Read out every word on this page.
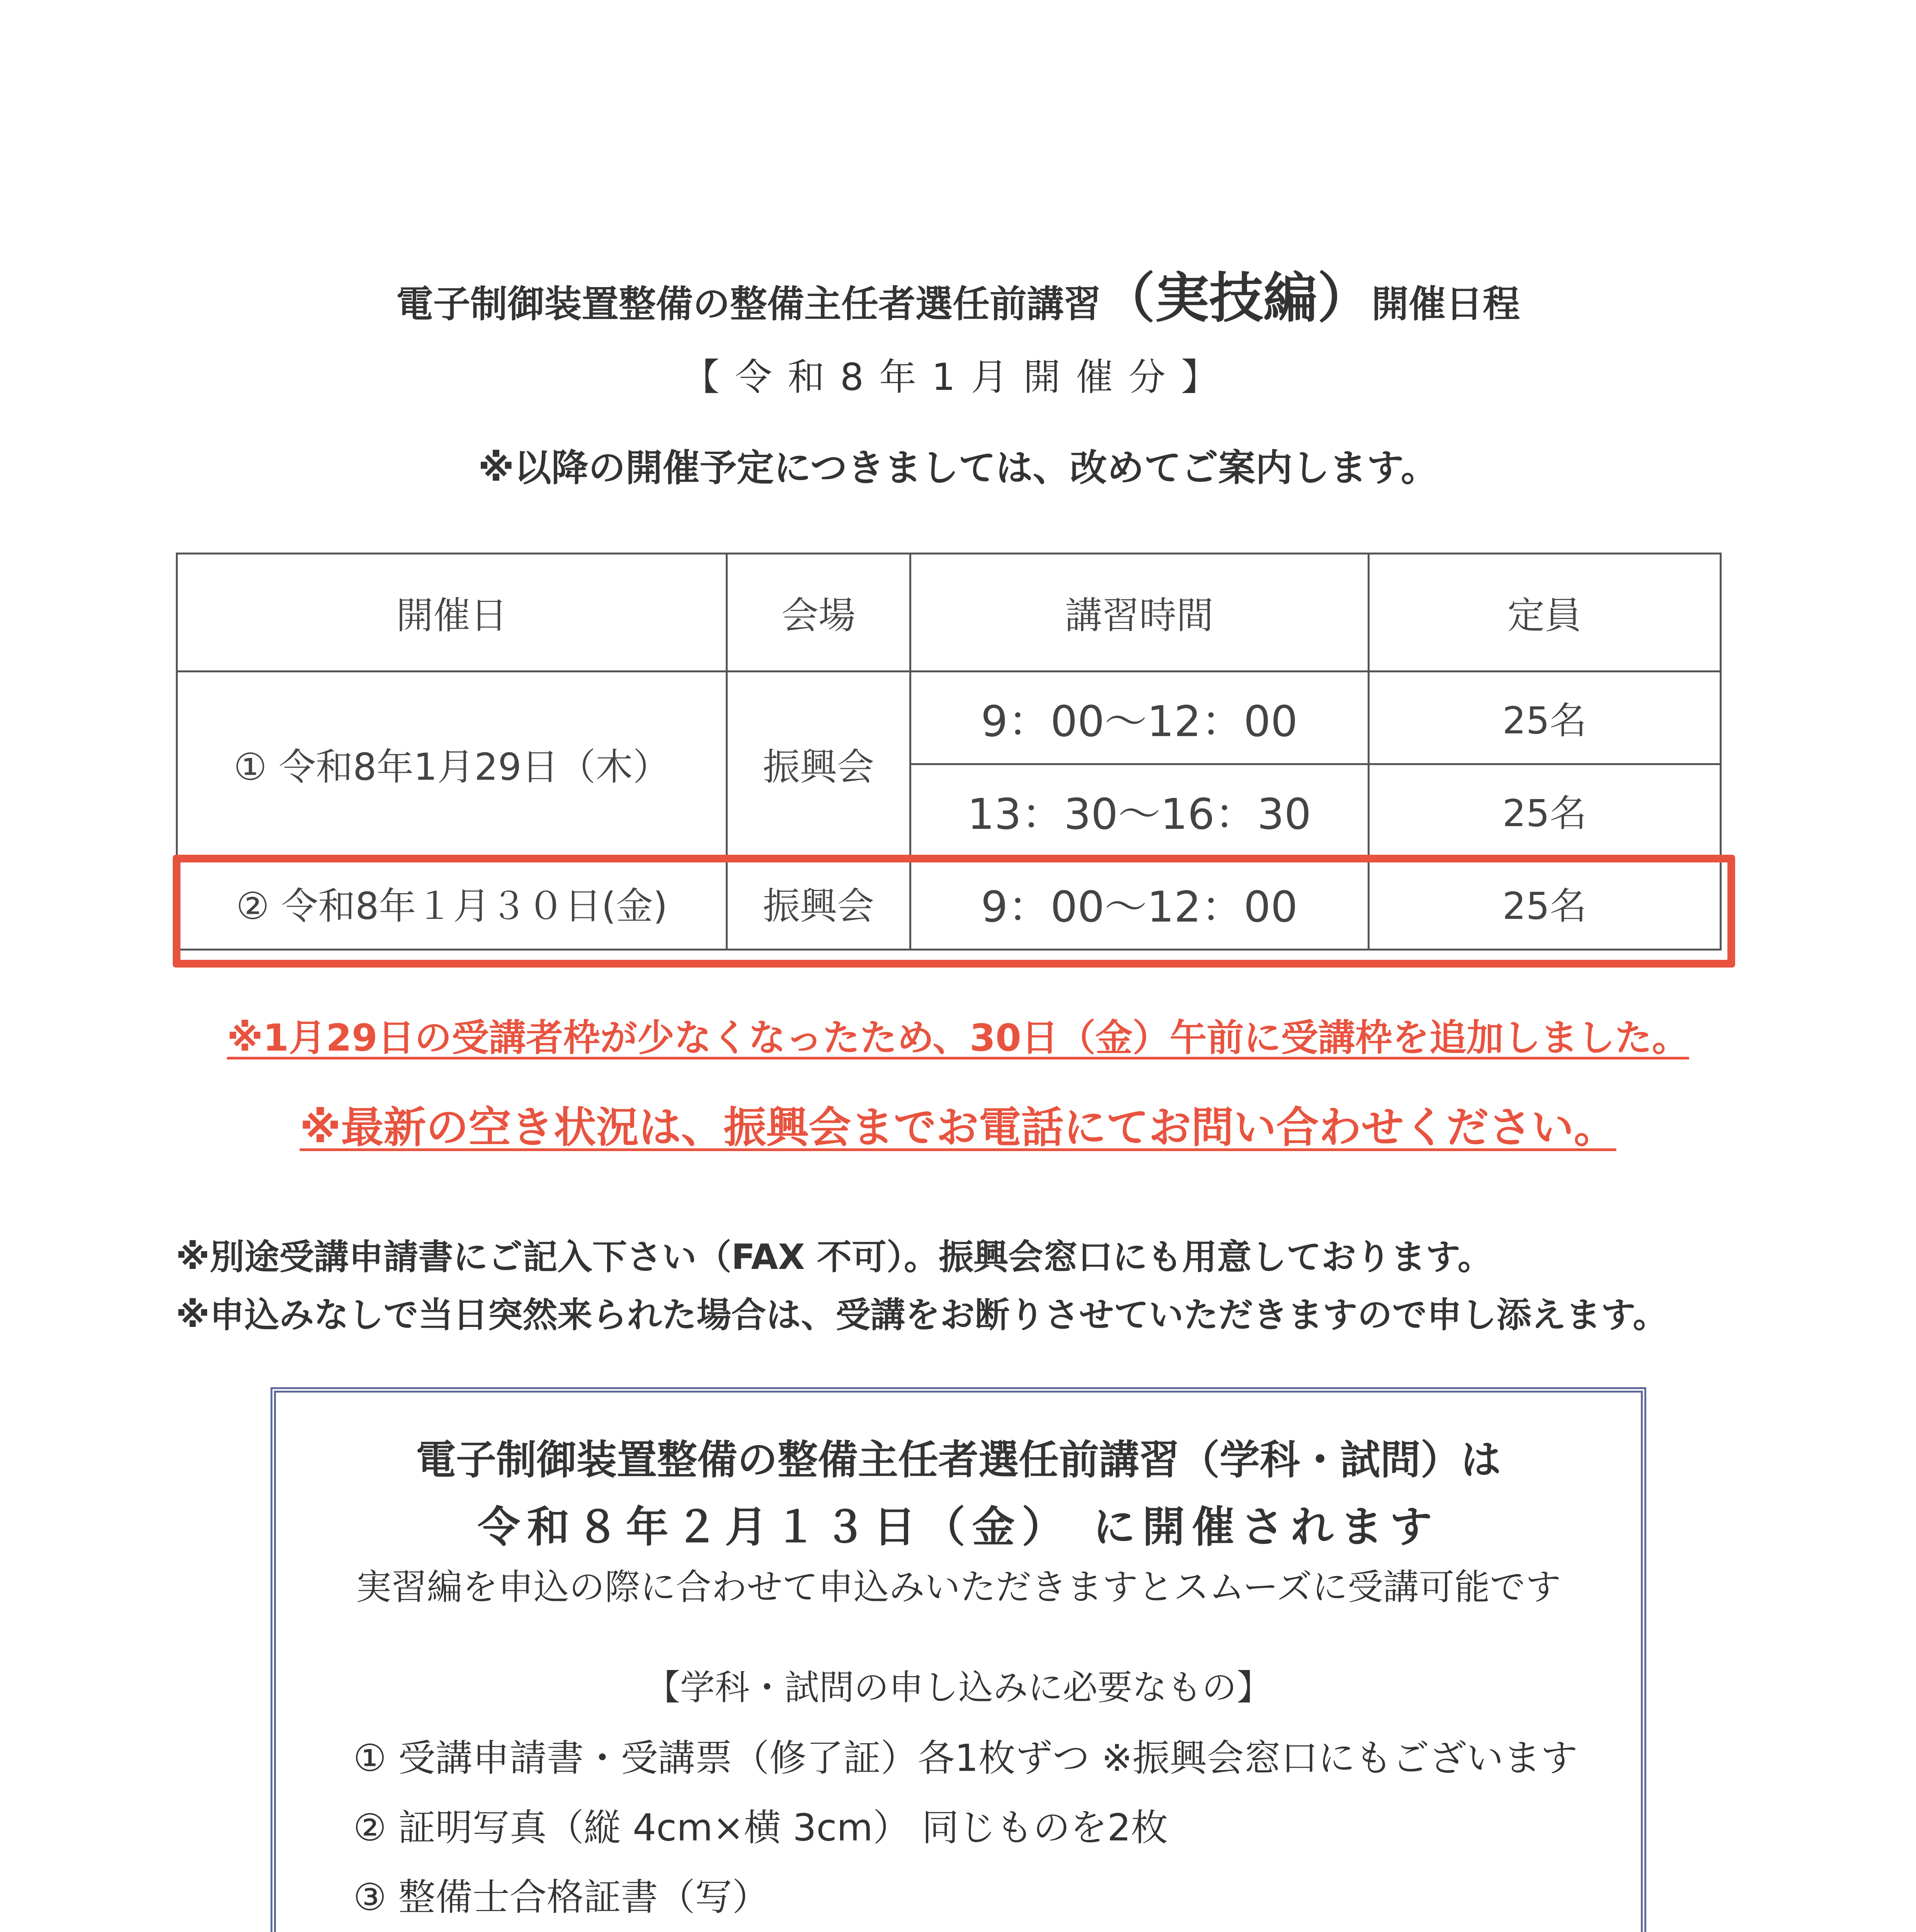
電子制御装置整備の整備主任者選任前講習（実技編）開催日程
【令和8年1月開催分】
※以降の開催予定につきましては、改めてご案内します。
開催日	会場	講習時間	定員
① 令和8年1月29日（木）	振興会	9：00～12：00	25名
		13：30～16：30	25名
② 令和8年１月３０日(金)	振興会	9：00～12：00	25名
※1月29日の受講者枠が少なくなったため、30日（金）午前に受講枠を追加しました。
※最新の空き状況は、振興会までお電話にてお問い合わせください。
※別途受講申請書にご記入下さい（FAX 不可）。振興会窓口にも用意しております。
※申込みなしで当日突然来られた場合は、受講をお断りさせていただきますので申し添えます。
電子制御装置整備の整備主任者選任前講習（学科・試問）は
令和８年２月１３日（金） に開催されます
実習編を申込の際に合わせて申込みいただきますとスムーズに受講可能です
【学科・試問の申し込みに必要なもの】
① 受講申請書・受講票（修了証）各1枚ずつ ※振興会窓口にもございます
② 証明写真（縦 4cm×横 3cm） 同じものを2枚
③ 整備士合格証書（写）
